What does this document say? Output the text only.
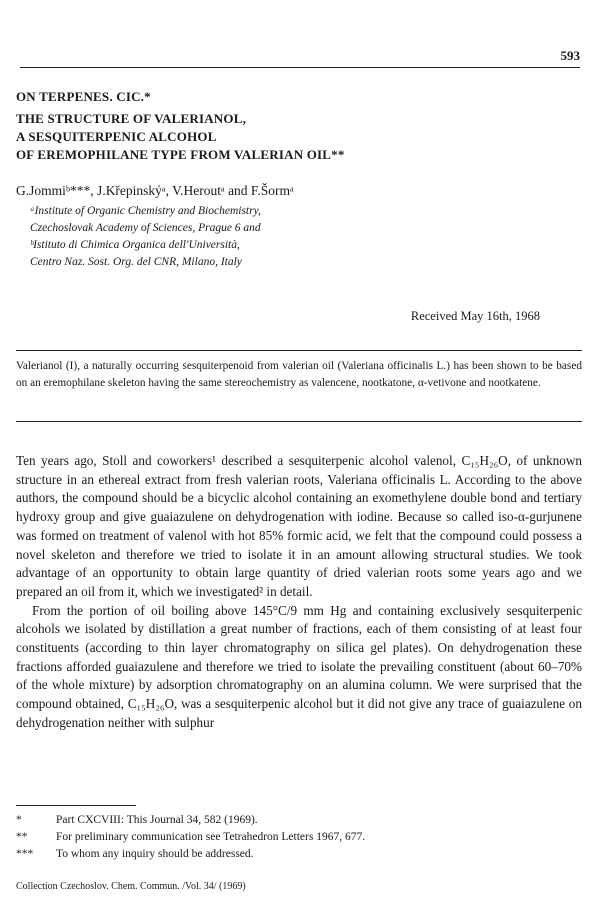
593
ON TERPENES. CIC.*
THE STRUCTURE OF VALERIANOL,
A SESQUITERPENIC ALCOHOL
OF EREMOPHILANE TYPE FROM VALERIAN OIL**
G.Jommiᵇ***, J.Křepinskýᵃ, V.Heroutᵃ and F.Šormᵃ
ᵃInstitute of Organic Chemistry and Biochemistry,
Czechoslovak Academy of Sciences, Prague 6 and
ᵇIstituto di Chimica Organica dell'Università,
Centro Naz. Sost. Org. del CNR, Milano, Italy
Received May 16th, 1968
Valerianol (I), a naturally occurring sesquiterpenoid from valerian oil (Valeriana officinalis L.) has been shown to be based on an eremophilane skeleton having the same stereochemistry as valencene, nootkatone, α-vetivone and nootkatene.

Ten years ago, Stoll and coworkers¹ described a sesquiterpenic alcohol valenol, C₁₅H₂₆O, of unknown structure in an ethereal extract from fresh valerian roots, Valeriana officinalis L. According to the above authors, the compound should be a bicyclic alcohol containing an exomethylene double bond and tertiary hydroxy group and give guaiazulene on dehydrogenation with iodine. Because so called iso-α-gurjunene was formed on treatment of valenol with hot 85% formic acid, we felt that the compound could possess a novel skeleton and therefore we tried to isolate it in an amount allowing structural studies. We took advantage of an opportunity to obtain large quantity of dried valerian roots some years ago and we prepared an oil from it, which we investigated² in detail.

From the portion of oil boiling above 145°C/9 mm Hg and containing exclusively sesquiterpenic alcohols we isolated by distillation a great number of fractions, each of them consisting of at least four constituents (according to thin layer chromatography on silica gel plates). On dehydrogenation these fractions afforded guaiazulene and therefore we tried to isolate the prevailing constituent (about 60–70% of the whole mixture) by adsorption chromatography on an alumina column. We were surprised that the compound obtained, C₁₅H₂₆O, was a sesquiterpenic alcohol but it did not give any trace of guaiazulene on dehydrogenation neither with sulphur

*	Part CXCVIII: This Journal 34, 582 (1969).
**	For preliminary communication see Tetrahedron Letters 1967, 677.
***	To whom any inquiry should be addressed.
Collection Czechoslov. Chem. Commun. /Vol. 34/ (1969)
